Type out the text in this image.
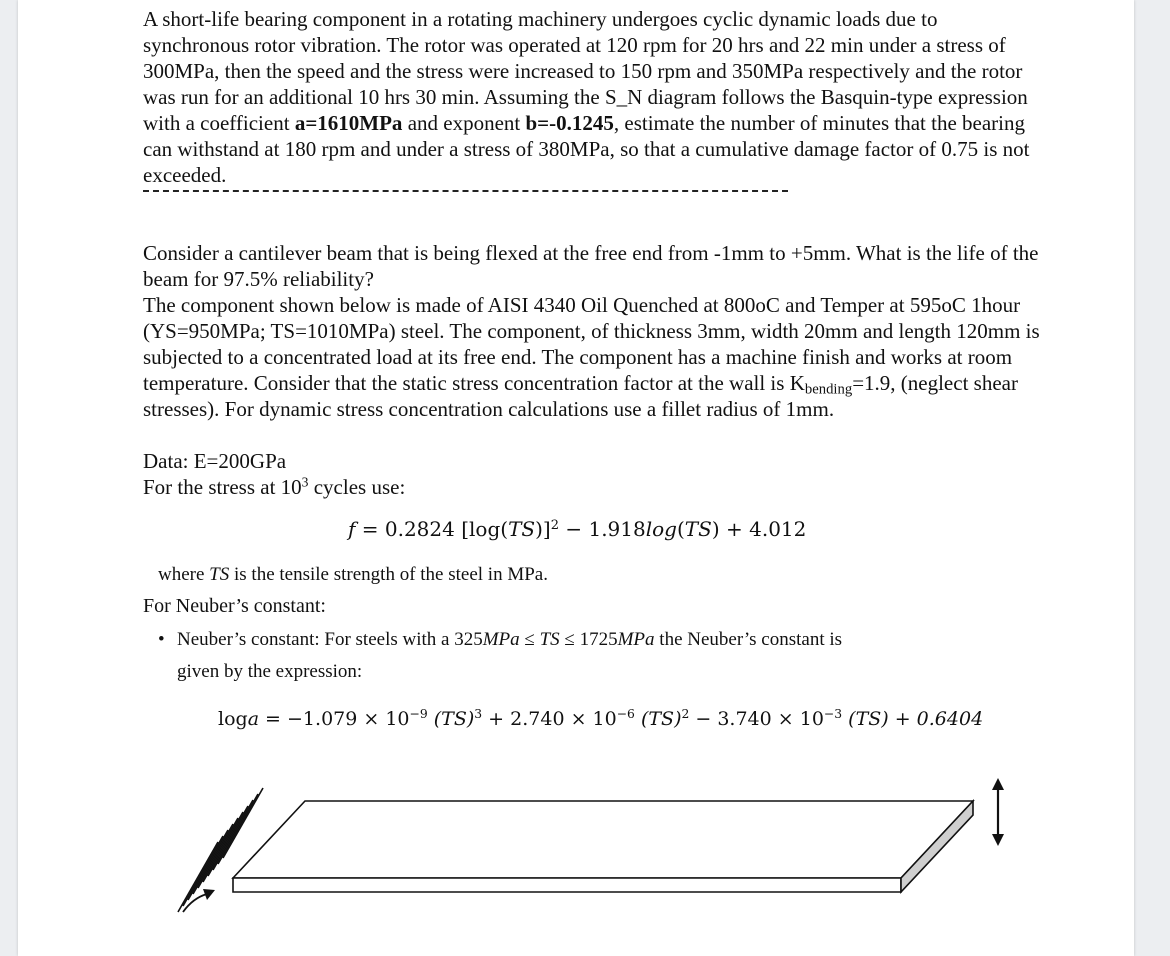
A short-life bearing component in a rotating machinery undergoes cyclic dynamic loads due to synchronous rotor vibration. The rotor was operated at 120 rpm for 20 hrs and 22 min under a stress of 300MPa, then the speed and the stress were increased to 150 rpm and 350MPa respectively and the rotor was run for an additional 10 hrs 30 min. Assuming the S_N diagram follows the Basquin-type expression with a coefficient a=1610MPa and exponent b=-0.1245, estimate the number of minutes that the bearing can withstand at 180 rpm and under a stress of 380MPa, so that a cumulative damage factor of 0.75 is not exceeded.

Consider a cantilever beam that is being flexed at the free end from -1mm to +5mm. What is the life of the beam for 97.5% reliability?

The component shown below is made of AISI 4340 Oil Quenched at 800oC and Temper at 595oC 1hour (YS=950MPa; TS=1010MPa) steel. The component, of thickness 3mm, width 20mm and length 120mm is subjected to a concentrated load at its free end. The component has a machine finish and works at room temperature. Consider that the static stress concentration factor at the wall is $K_{bending}=1.9$, (neglect shear stresses). For dynamic stress concentration calculations use a fillet radius of 1mm.

Data: E=200GPa

For the stress at $10^3$ cycles use:

f = 0.2824 $[\log(TS)]^2 - 1.918\log(TS) + 4.012$
where TS is the tensile strength of the steel in MPa.
For Neuber’s constant:
• Neuber’s constant: For steels with a 325MPa ≤ TS ≤ 1725MPa the Neuber’s constant is
given by the expression:
$\log a = -1.079 \times 10^{-9}$ $(TS)^3 + 2.740 \times 10^{-6}$ $(TS)^2 - 3.740 \times 10^{-3}$ (TS) + 0.6404
